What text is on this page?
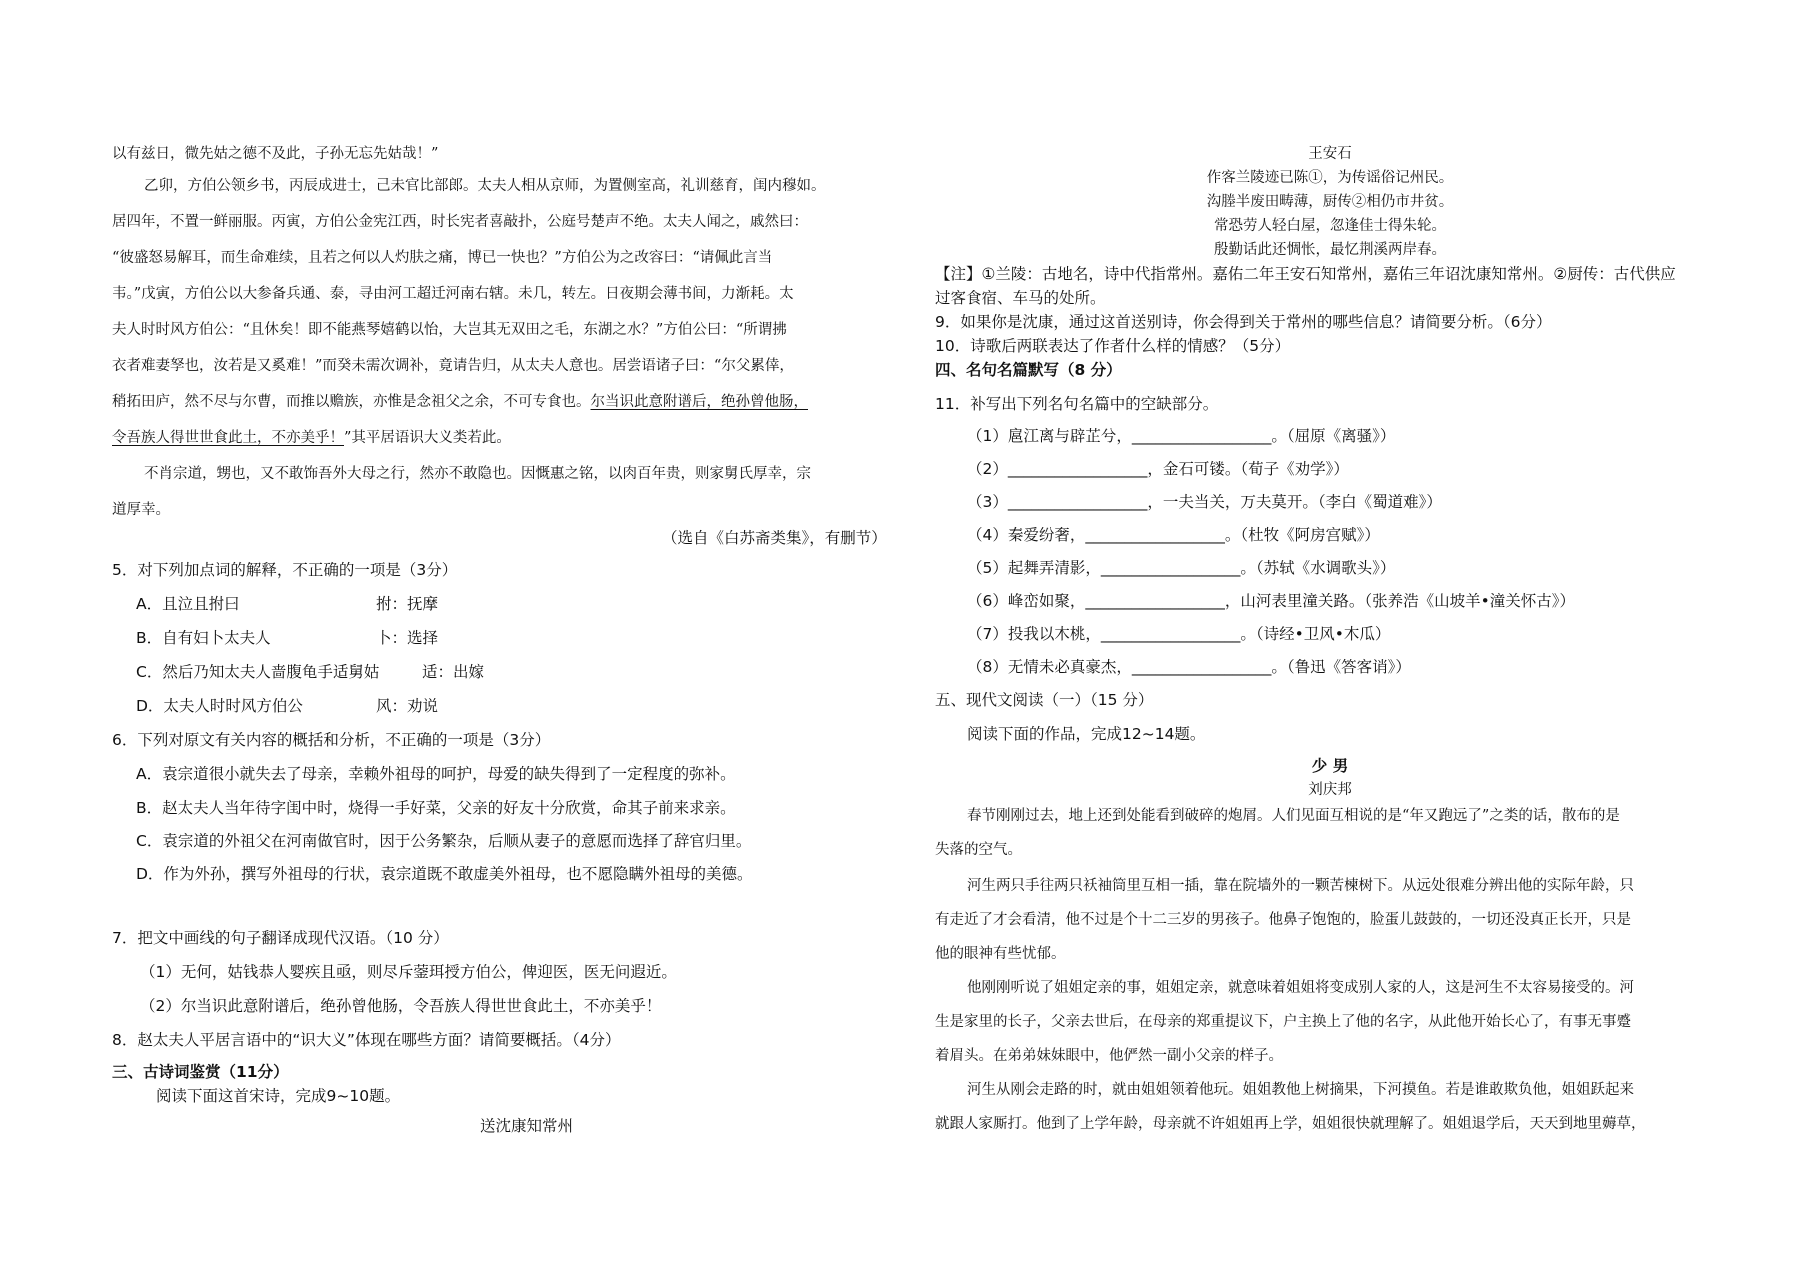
以有兹日，微先姑之德不及此，子孙无忘先姑哉！”
乙卯，方伯公领乡书，丙辰成进士，己未官比部郎。太夫人相从京师，为置侧室高，礼训慈育，闺内穆如。
居四年，不置一鲜丽服。丙寅，方伯公金宪江西，时长宪者喜敲扑，公庭号楚声不绝。太夫人闻之，戚然曰：
“彼盛怒易解耳，而生命难续，且若之何以人灼肤之痛，博已一快也？”方伯公为之改容曰：“请佩此言当
韦。”戊寅，方伯公以大参备兵通、泰，寻由河工超迁河南右辖。未几，转左。日夜期会薄书间，力渐耗。太
夫人时时风方伯公：“且休矣！即不能燕琴嬉鹤以怡，大岂其无双田之毛，东湖之水？”方伯公曰：“所谓拂
衣者难妻孥也，汝若是又奚难！”而癸未需次调补，竟请告归，从太夫人意也。居尝语诸子曰：“尔父累倖，
稍拓田庐，然不尽与尔曹，而推以赡族，亦惟是念祖父之余，不可专食也。尔当识此意附谱后，绝孙曾他肠，
令吾族人得世世食此土，不亦美乎！”其平居语识大义类若此。
不肖宗道，甥也，又不敢饰吾外大母之行，然亦不敢隐也。因慨惠之铭，以肉百年贵，则家舅氏厚幸，宗
道厚幸。
（选自《白苏斋类集》，有删节）
5．对下列加点词的解释，不正确的一项是（3分）
A．且泣且拊曰	拊：抚摩
B．自有妇卜太夫人	卜：选择
C．然后乃知太夫人啬腹龟手适舅姑	适：出嫁
D．太夫人时时风方伯公	风：劝说
6．下列对原文有关内容的概括和分析，不正确的一项是（3分）
A．袁宗道很小就失去了母亲，幸赖外祖母的呵护，母爱的缺失得到了一定程度的弥补。
B．赵太夫人当年待字闺中时，烧得一手好菜，父亲的好友十分欣赏，命其子前来求亲。
C．袁宗道的外祖父在河南做官时，因于公务繁杂，后顺从妻子的意愿而选择了辞官归里。
D．作为外孙，撰写外祖母的行状，袁宗道既不敢虚美外祖母，也不愿隐瞒外祖母的美德。
7．把文中画线的句子翻译成现代汉语。（10 分）
（1）无何，姑钱恭人婴疾且亟，则尽斥蓥珥授方伯公，俾迎医，医无问遐近。
（2）尔当识此意附谱后，绝孙曾他肠，令吾族人得世世食此土，不亦美乎！
8．赵太夫人平居言语中的“识大义”体现在哪些方面？请简要概括。（4分）
三、古诗词鉴赏（11分）
阅读下面这首宋诗，完成9~10题。
送沈康知常州
王安石
作客兰陵迹已陈①，为传谣俗记州民。
沟塍半废田畴薄，厨传②相仍市井贫。
常恐劳人轻白屋，忽逢佳士得朱轮。
殷勤话此还惆怅，最忆荆溪两岸春。
【注】①兰陵：古地名，诗中代指常州。嘉佑二年王安石知常州，嘉佑三年诏沈康知常州。②厨传：古代供应
过客食宿、车马的处所。
9．如果你是沈康，通过这首送别诗，你会得到关于常州的哪些信息？请简要分析。（6分）
10．诗歌后两联表达了作者什么样的情感？（5分）
四、名句名篇默写（8 分）
11．补写出下列名句名篇中的空缺部分。
（1）扈江离与辟芷兮，__________________。（屈原《离骚》）
（2）__________________，金石可镂。（荀子《劝学》）
（3）__________________，一夫当关，万夫莫开。（李白《蜀道难》）
（4）秦爱纷奢，__________________。（杜牧《阿房宫赋》）
（5）起舞弄清影，__________________。（苏轼《水调歌头》）
（6）峰峦如聚，__________________，山河表里潼关路。（张养浩《山坡羊•潼关怀古》）
（7）投我以木桃，__________________。（诗经•卫风•木瓜）
（8）无情未必真豪杰，__________________。（鲁迅《答客诮》）
五、现代文阅读（一）（15 分）
阅读下面的作品，完成12~14题。
少 男
刘庆邦
春节刚刚过去，地上还到处能看到破碎的炮屑。人们见面互相说的是“年又跑远了”之类的话，散布的是
失落的空气。
河生两只手往两只袄袖筒里互相一插，靠在院墙外的一颗苦楝树下。从远处很难分辨出他的实际年龄，只
有走近了才会看清，他不过是个十二三岁的男孩子。他鼻子饱饱的，脸蛋儿鼓鼓的，一切还没真正长开，只是
他的眼神有些忧郁。
他刚刚听说了姐姐定亲的事，姐姐定亲，就意味着姐姐将变成别人家的人，这是河生不太容易接受的。河
生是家里的长子，父亲去世后，在母亲的郑重提议下，户主换上了他的名字，从此他开始长心了，有事无事蹙
着眉头。在弟弟妹妹眼中，他俨然一副小父亲的样子。
河生从刚会走路的时，就由姐姐领着他玩。姐姐教他上树摘果，下河摸鱼。若是谁敢欺负他，姐姐跃起来
就跟人家厮打。他到了上学年龄，母亲就不许姐姐再上学，姐姐很快就理解了。姐姐退学后，天天到地里薅草，
